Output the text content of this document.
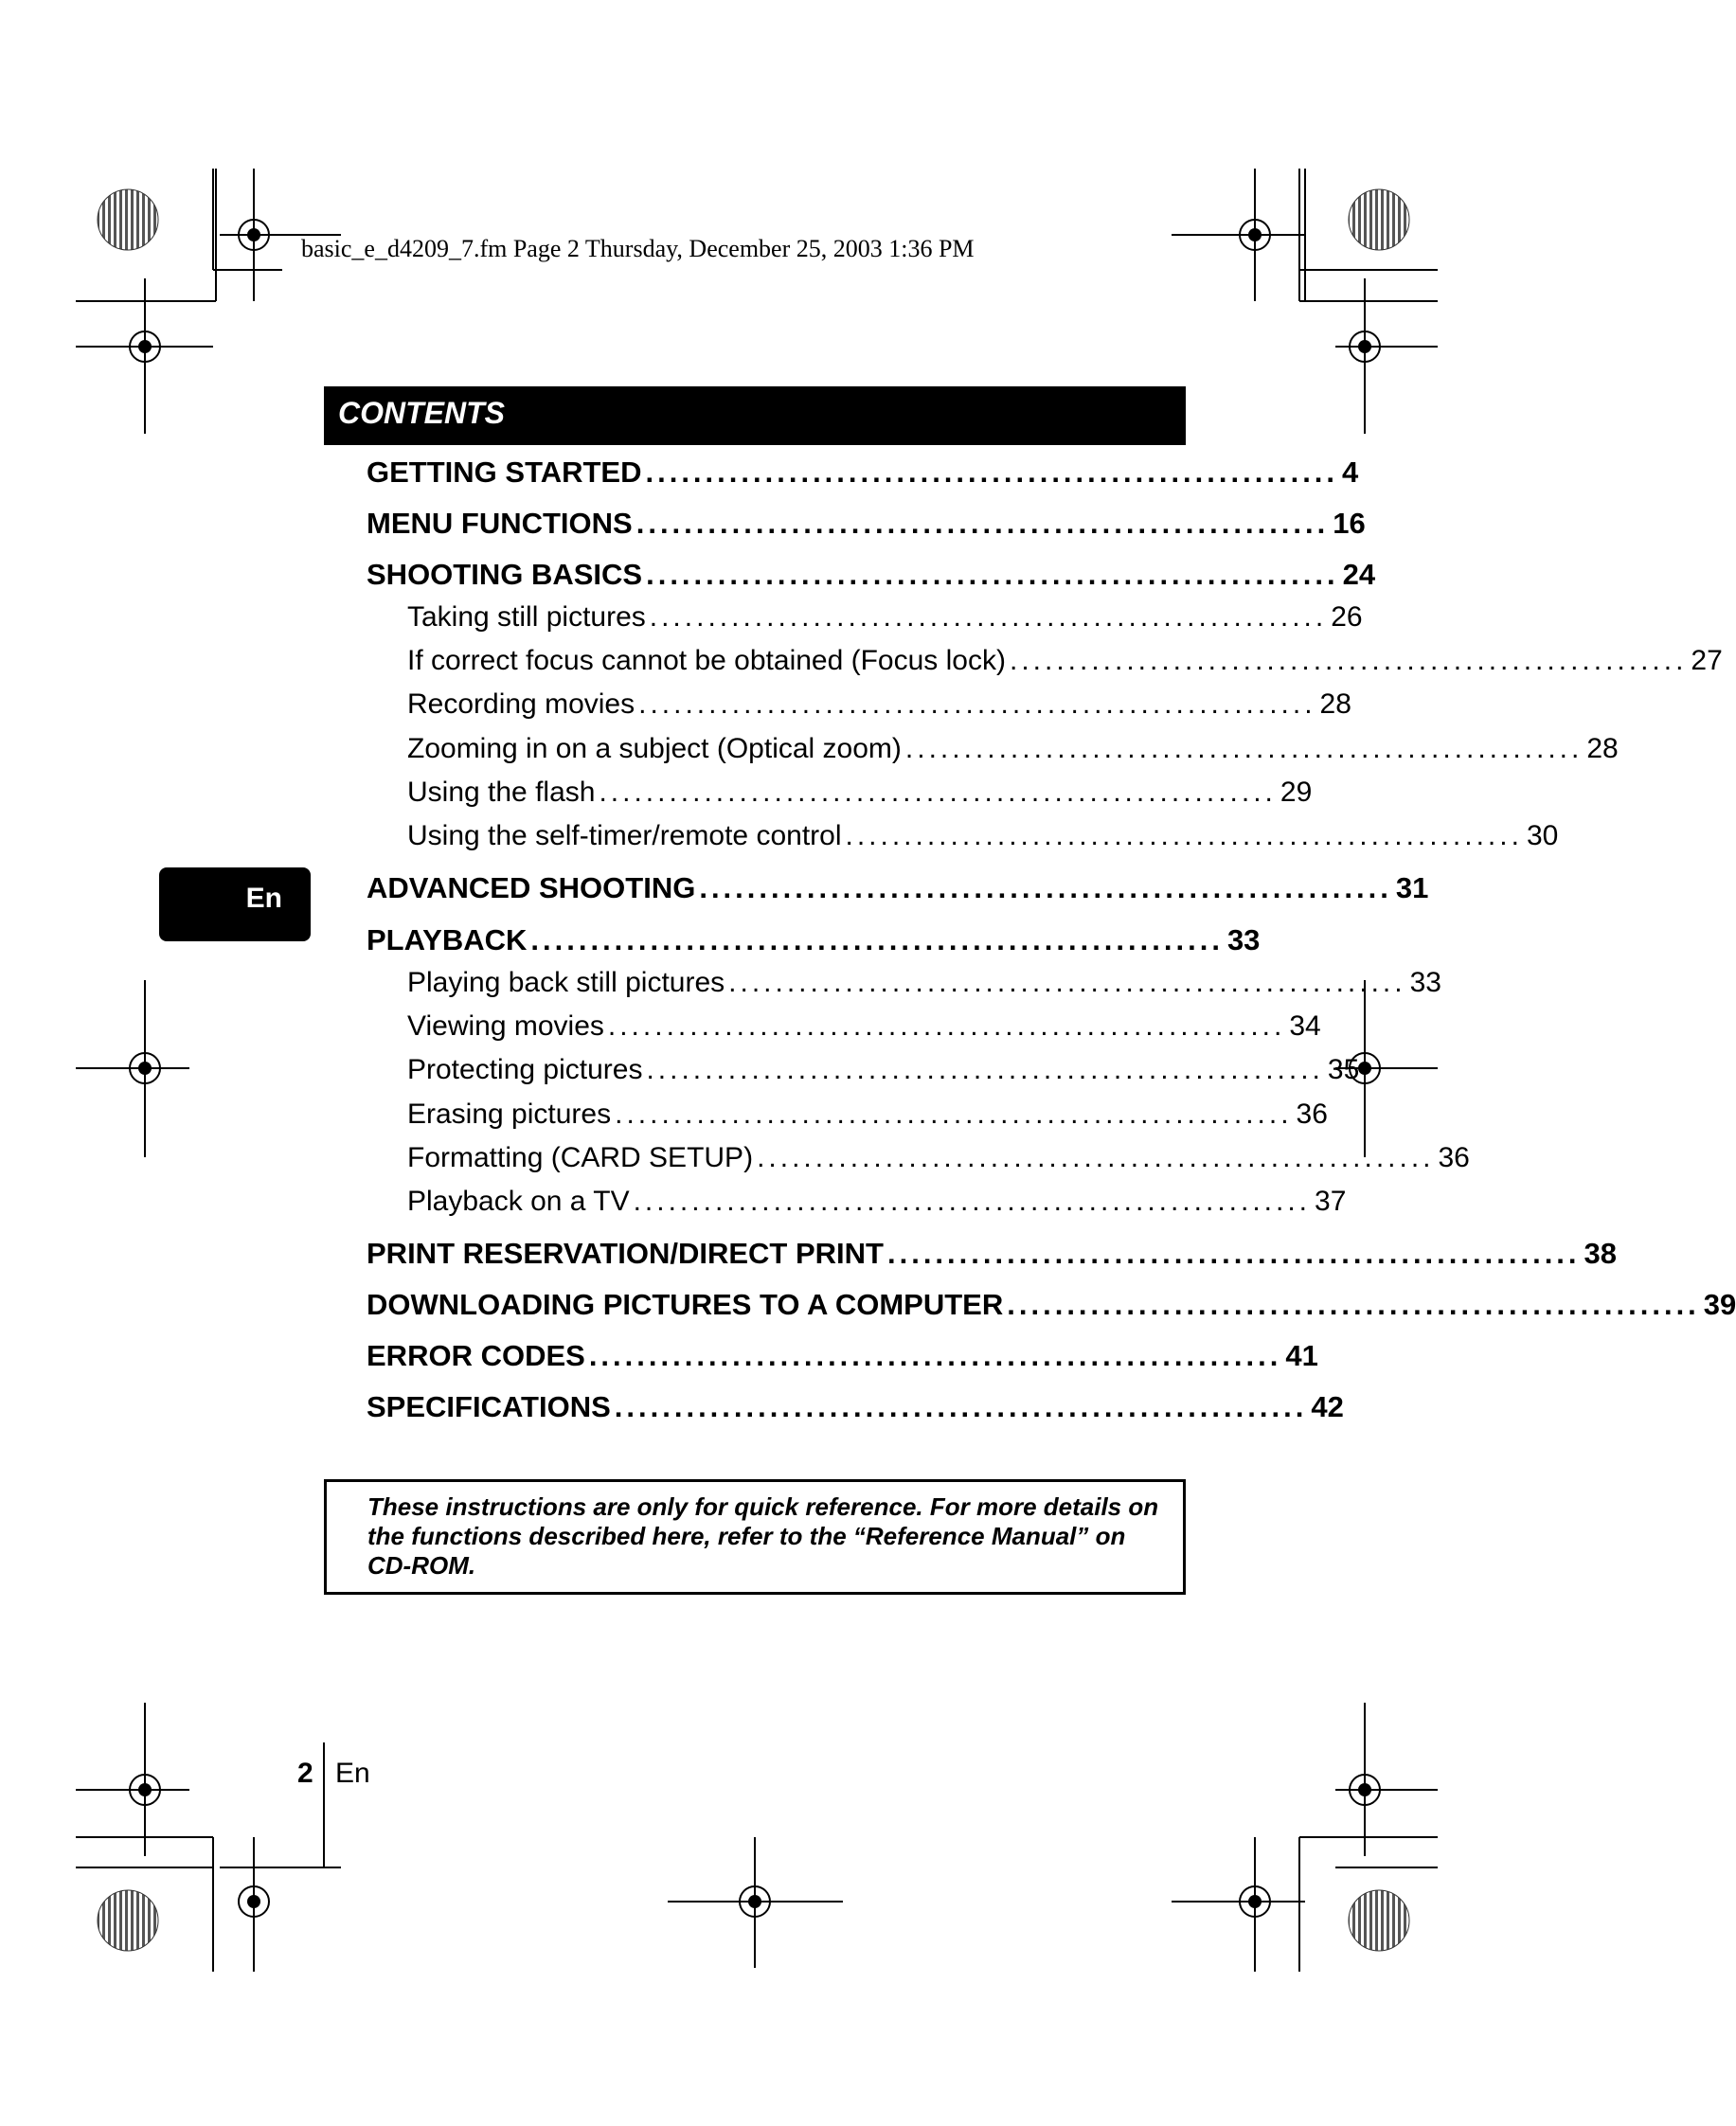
basic_e_d4209_7.fm Page 2 Thursday, December 25, 2003 1:36 PM
CONTENTS
En
GETTING STARTED .......................................................... 4
MENU FUNCTIONS .......................................................... 16
SHOOTING BASICS .......................................................... 24
Taking still pictures .......................................................... 26
If correct focus cannot be obtained (Focus lock) .......................................................... 27
Recording movies .......................................................... 28
Zooming in on a subject (Optical zoom) .......................................................... 28
Using the flash .......................................................... 29
Using the self-timer/remote control .......................................................... 30
ADVANCED SHOOTING .......................................................... 31
PLAYBACK .......................................................... 33
Playing back still pictures .......................................................... 33
Viewing movies .......................................................... 34
Protecting pictures .......................................................... 35
Erasing pictures .......................................................... 36
Formatting (CARD SETUP) .......................................................... 36
Playback on a TV .......................................................... 37
PRINT RESERVATION/DIRECT PRINT .......................................................... 38
DOWNLOADING PICTURES TO A COMPUTER .......................................................... 39
ERROR CODES .......................................................... 41
SPECIFICATIONS .......................................................... 42
These instructions are only for quick reference. For more details on the functions described here, refer to the “Reference Manual” on CD-ROM.
2 En
